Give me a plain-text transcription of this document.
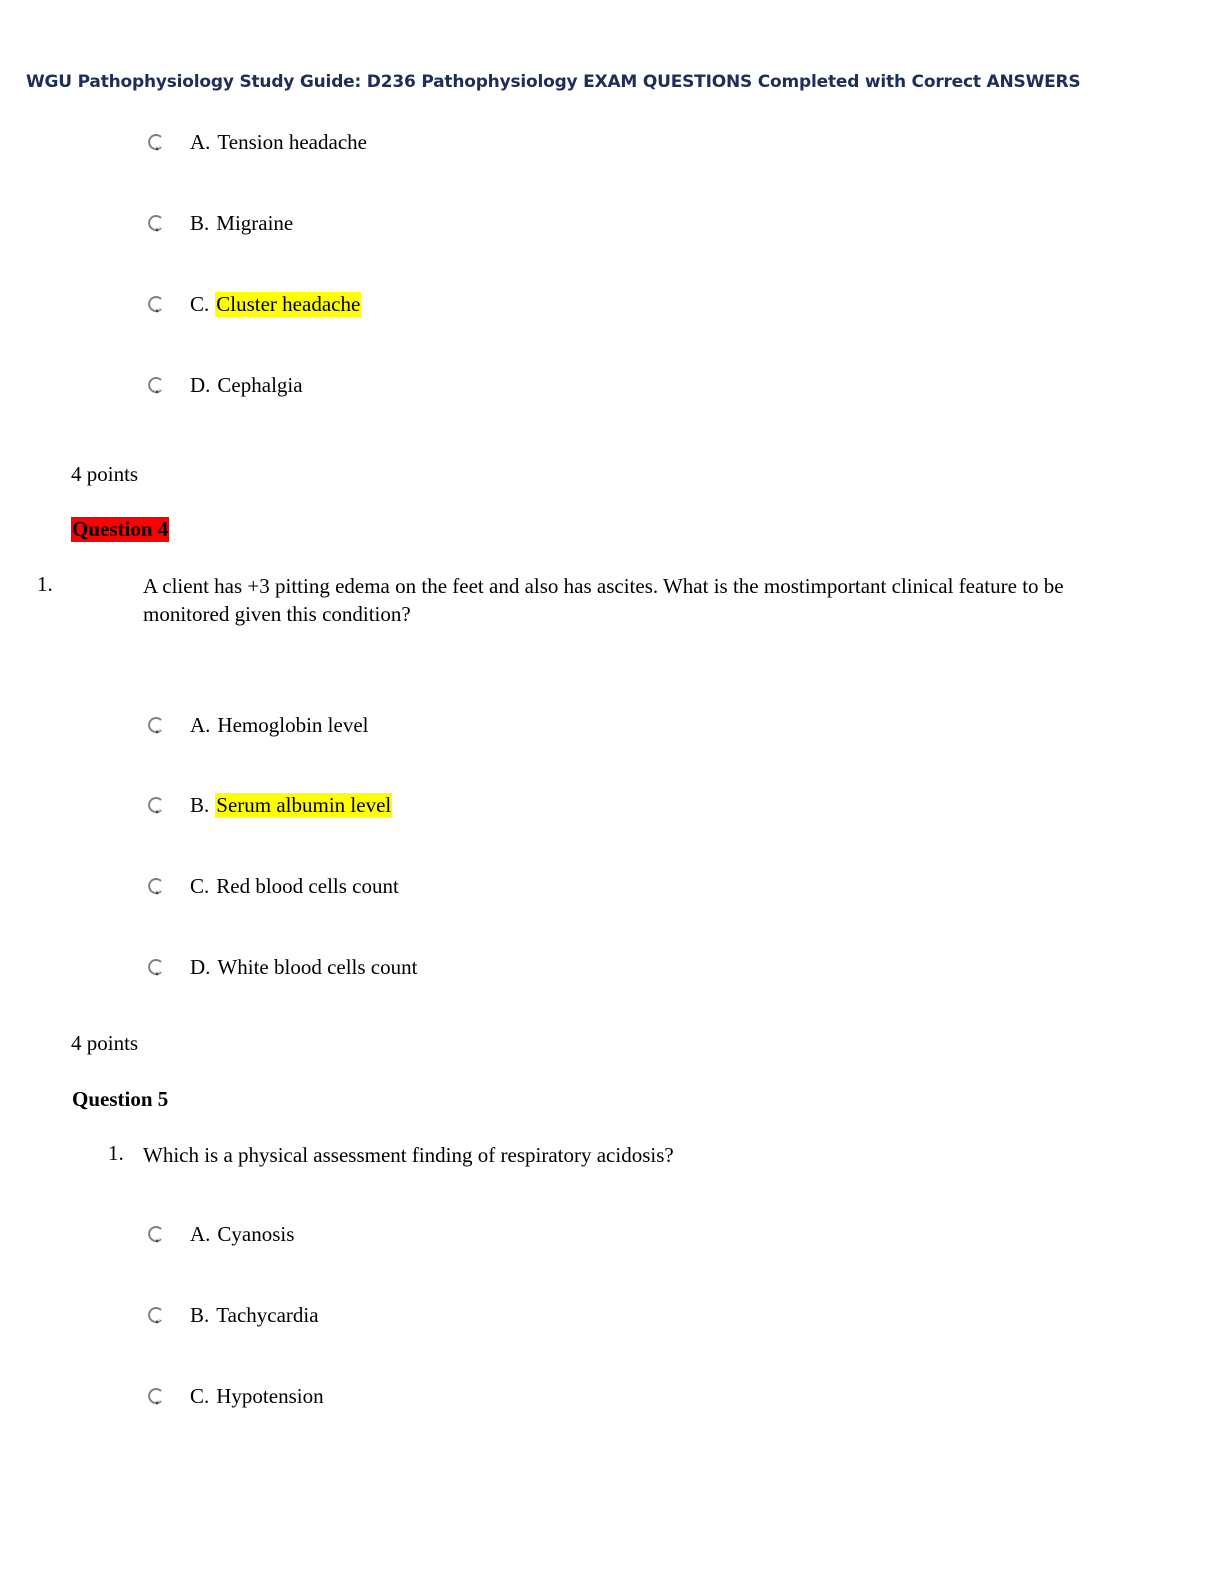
WGU Pathophysiology Study Guide: D236 Pathophysiology EXAM QUESTIONS Completed with Correct ANSWERS
A. Tension headache
B. Migraine
C. Cluster headache
D. Cephalgia
4 points
Question 4
1.	A client has +3 pitting edema on the feet and also has ascites. What is the mostimportant clinical feature to be monitored given this condition?
A. Hemoglobin level
B. Serum albumin level
C. Red blood cells count
D. White blood cells count
4 points
Question 5
1. Which is a physical assessment finding of respiratory acidosis?
A. Cyanosis
B. Tachycardia
C. Hypotension
